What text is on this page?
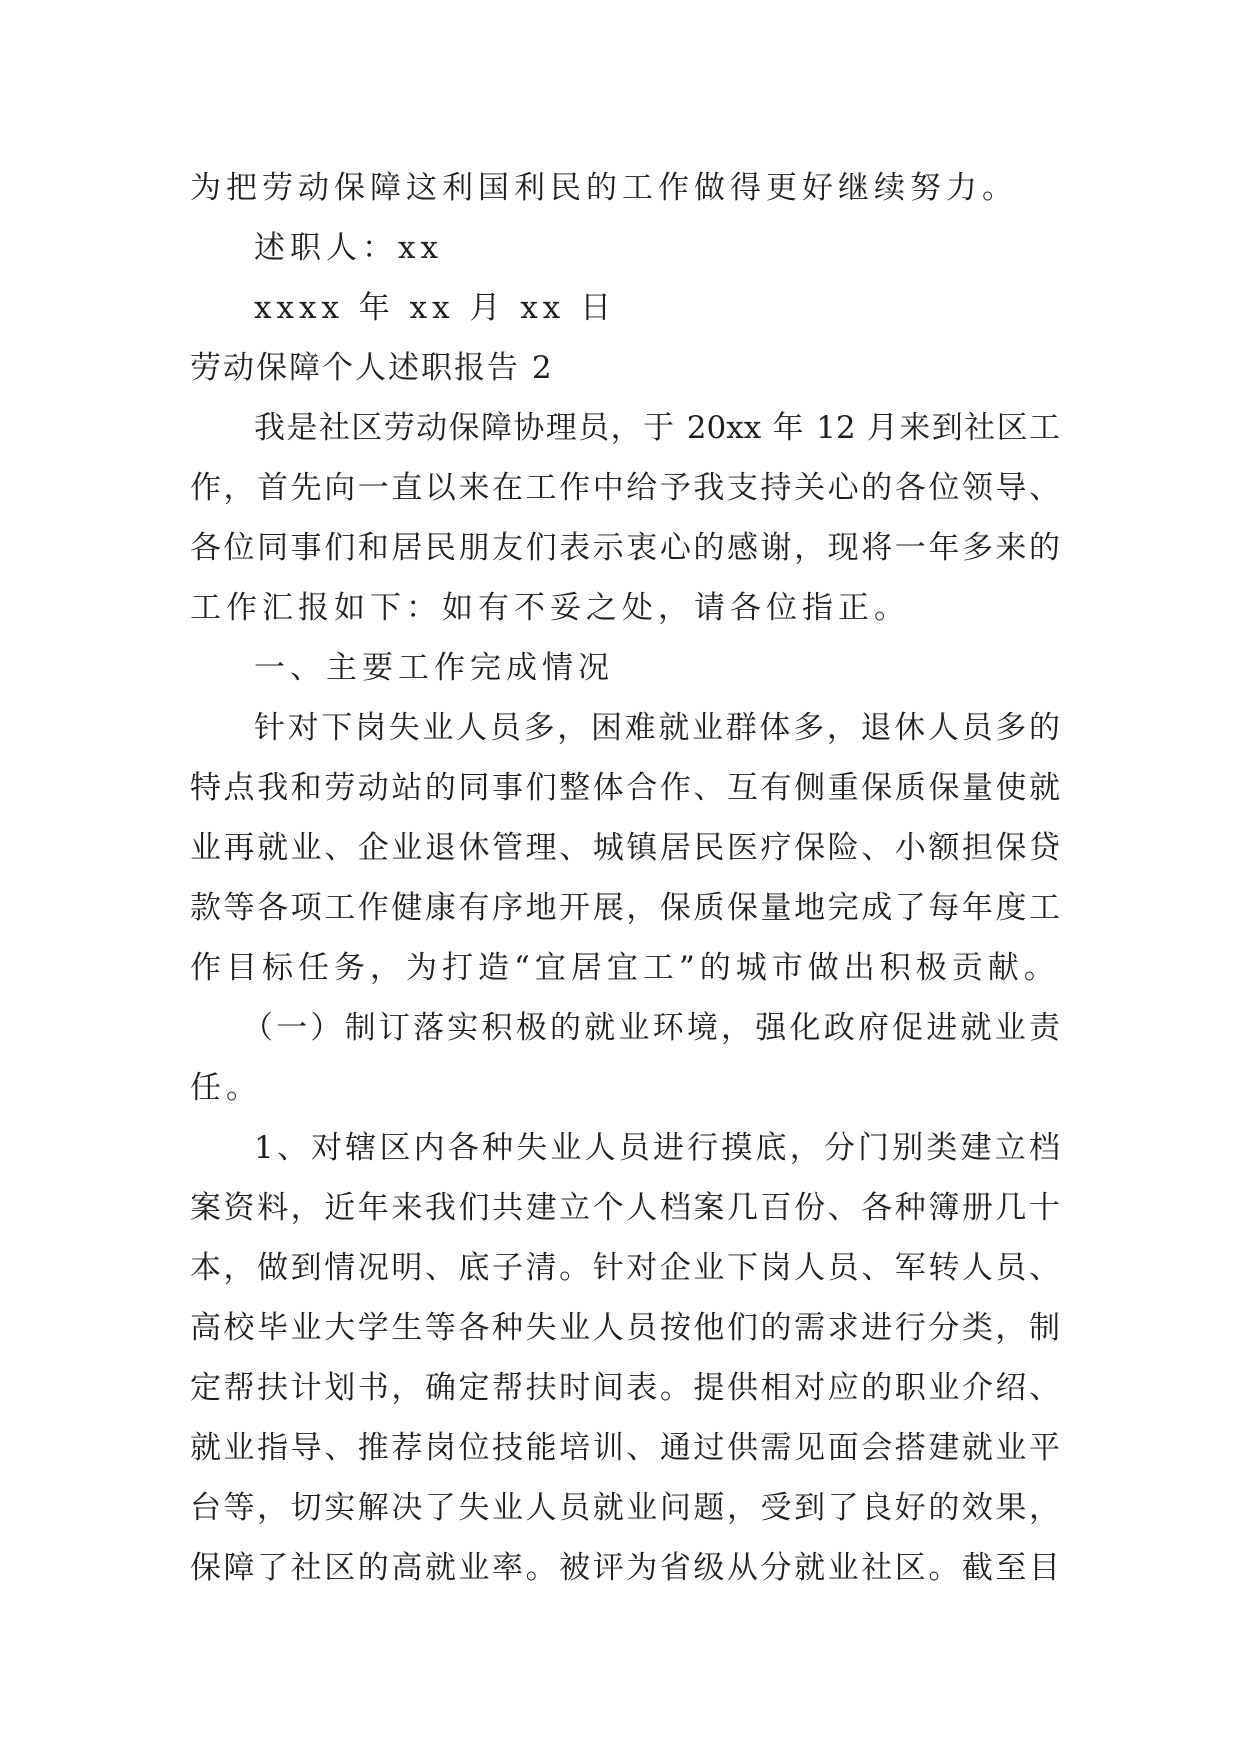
为把劳动保障这利国利民的工作做得更好继续努力。
述职人：xx
xxxx 年 xx 月 xx 日
劳动保障个人述职报告 2
我是社区劳动保障协理员，于 20xx 年 12 月来到社区工
作，首先向一直以来在工作中给予我支持关心的各位领导、
各位同事们和居民朋友们表示衷心的感谢，现将一年多来的
工作汇报如下：如有不妥之处，请各位指正。
一、主要工作完成情况
针对下岗失业人员多，困难就业群体多，退休人员多的
特点我和劳动站的同事们整体合作、互有侧重保质保量使就
业再就业、企业退休管理、城镇居民医疗保险、小额担保贷
款等各项工作健康有序地开展，保质保量地完成了每年度工
作目标任务，为打造“宜居宜工”的城市做出积极贡献。
（一）制订落实积极的就业环境，强化政府促进就业责
任。
1、对辖区内各种失业人员进行摸底，分门别类建立档
案资料，近年来我们共建立个人档案几百份、各种簿册几十
本，做到情况明、底子清。针对企业下岗人员、军转人员、
高校毕业大学生等各种失业人员按他们的需求进行分类，制
定帮扶计划书，确定帮扶时间表。提供相对应的职业介绍、
就业指导、推荐岗位技能培训、通过供需见面会搭建就业平
台等，切实解决了失业人员就业问题，受到了良好的效果，
保障了社区的高就业率。被评为省级从分就业社区。截至目
